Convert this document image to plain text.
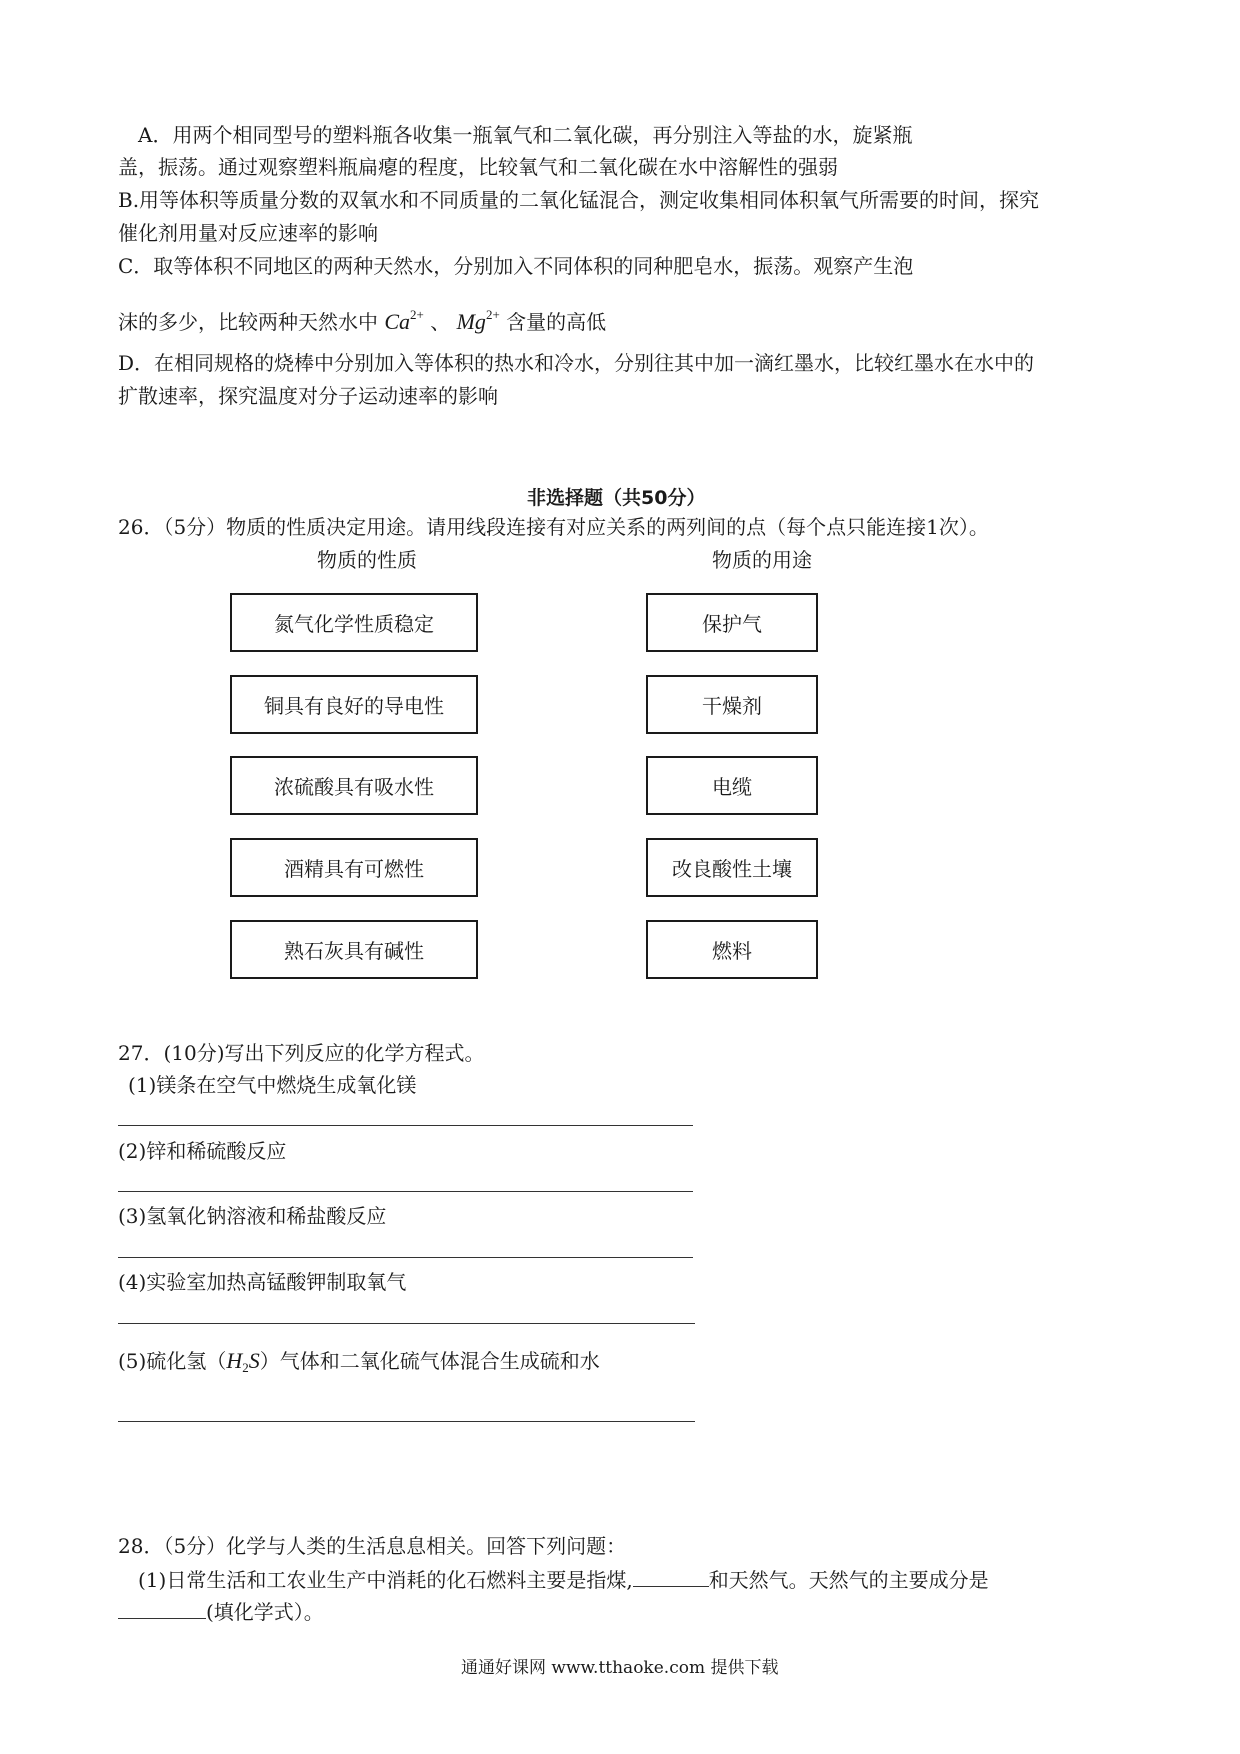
A．用两个相同型号的塑料瓶各收集一瓶氧气和二氧化碳，再分别注入等盐的水，旋紧瓶
盖，振荡。通过观察塑料瓶扁瘪的程度，比较氧气和二氧化碳在水中溶解性的强弱
B.用等体积等质量分数的双氧水和不同质量的二氧化锰混合，测定收集相同体积氧气所需要的时间，探究
催化剂用量对反应速率的影响
C．取等体积不同地区的两种天然水，分别加入不同体积的同种肥皂水，振荡。观察产生泡
沫的多少，比较两种天然水中 $Ca^{2+}$ 、 $Mg^{2+}$ 含量的高低
D．在相同规格的烧棒中分别加入等体积的热水和冷水，分别往其中加一滴红墨水，比较红墨水在水中的
扩散速率，探究温度对分子运动速率的影响
非选择题（共50分）
26．（5分）物质的性质决定用途。请用线段连接有对应关系的两列间的点（每个点只能连接1次）。
物质的性质	物质的用途
氮气化学性质稳定
铜具有良好的导电性
浓硫酸具有吸水性
酒精具有可燃性
熟石灰具有碱性
保护气
干燥剂
电缆
改良酸性土壤
燃料
27．(10分)写出下列反应的化学方程式。
(1)镁条在空气中燃烧生成氧化镁
(2)锌和稀硫酸反应
(3)氢氧化钠溶液和稀盐酸反应
(4)实验室加热高锰酸钾制取氧气
(5)硫化氢$(H_2S)$气体和二氧化硫气体混合生成硫和水
28．（5分）化学与人类的生活息息相关。回答下列问题：
(1)日常生活和工农业生产中消耗的化石燃料主要是指煤,	和天然气。天然气的主要成分是
(填化学式）。
通通好课网 www.tthaoke.com 提供下载
